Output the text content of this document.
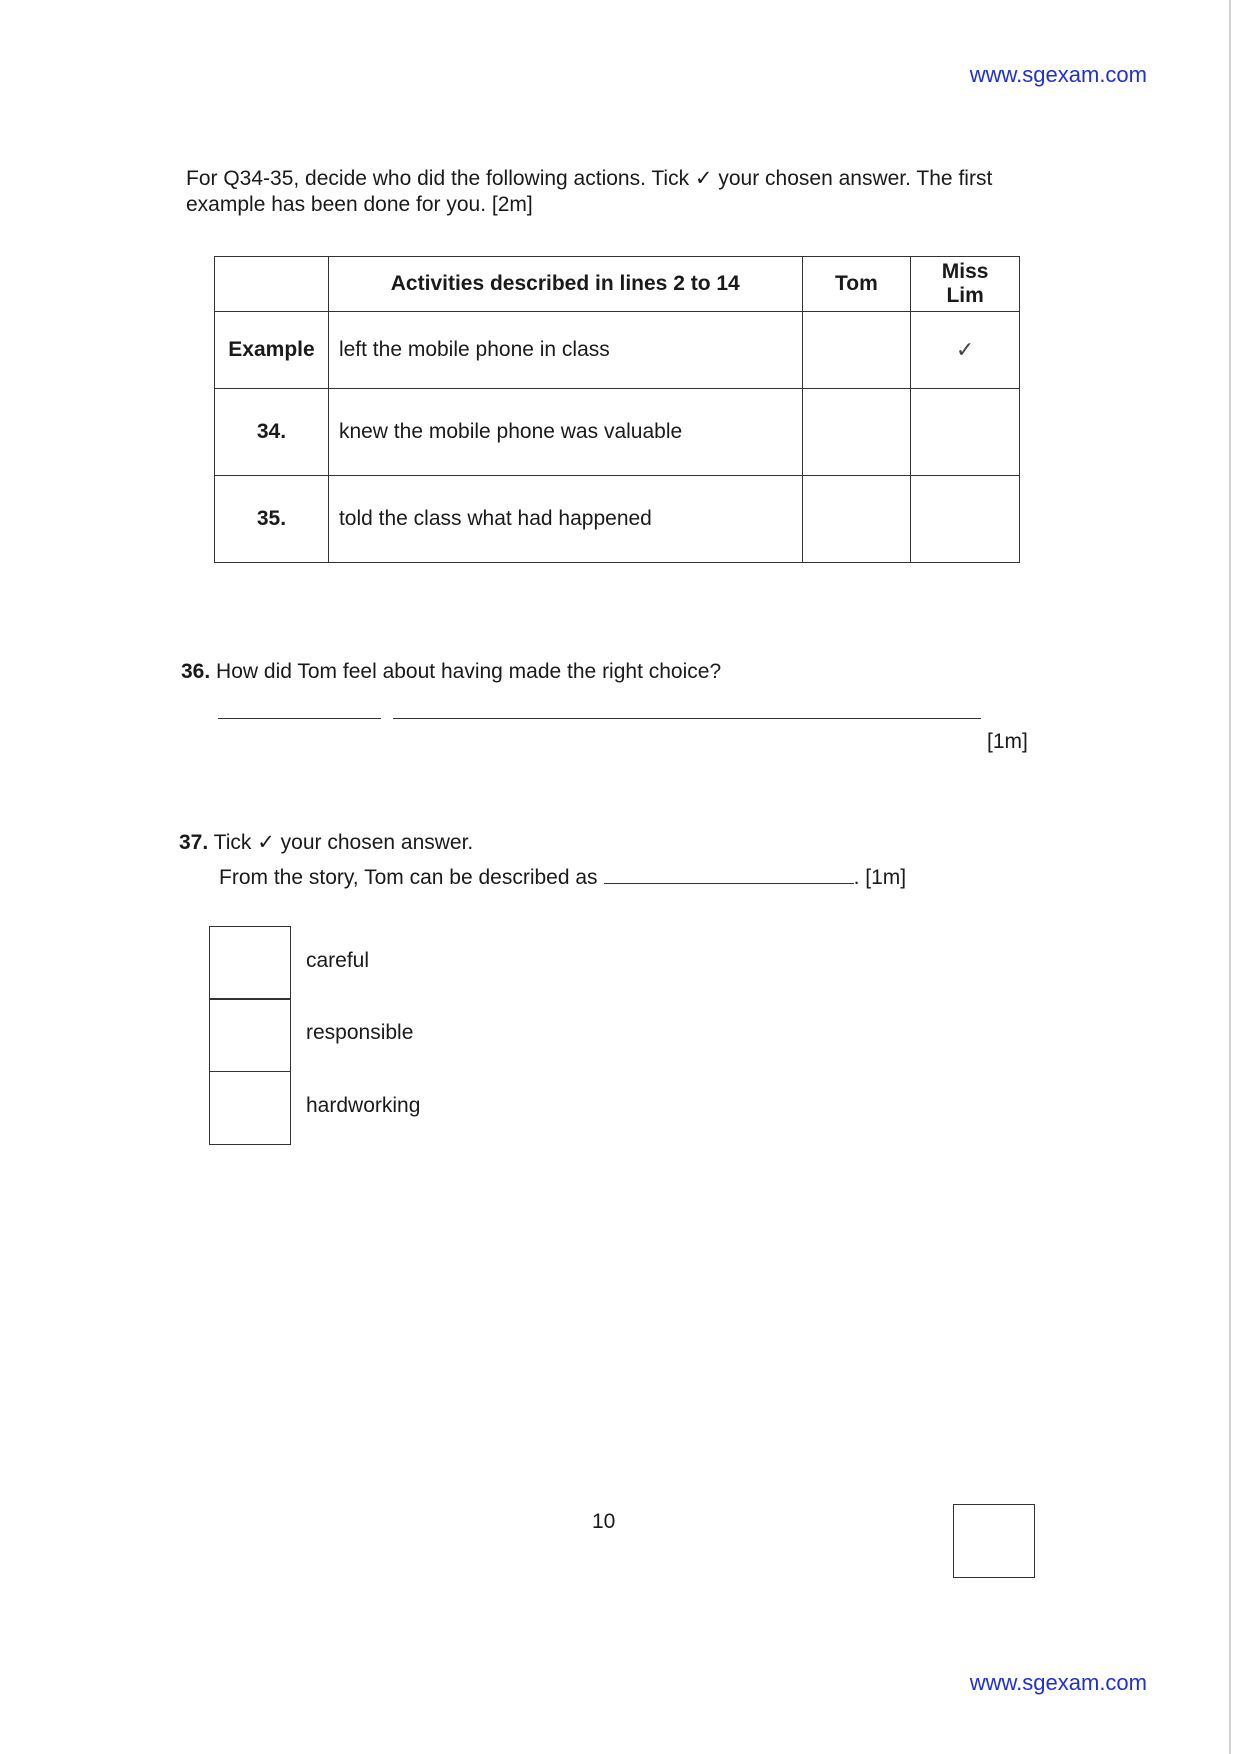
www.sgexam.com
For Q34-35, decide who did the following actions. Tick ✓ your chosen answer. The first example has been done for you. [2m]
	Activities described in lines 2 to 14	Tom	Miss Lim
Example	left the mobile phone in class		✓
34.	knew the mobile phone was valuable		
35.	told the class what had happened		
36. How did Tom feel about having made the right choice?
[1m]
37. Tick ✓ your chosen answer.
From the story, Tom can be described as	. [1m]
careful
responsible
hardworking
10
www.sgexam.com
